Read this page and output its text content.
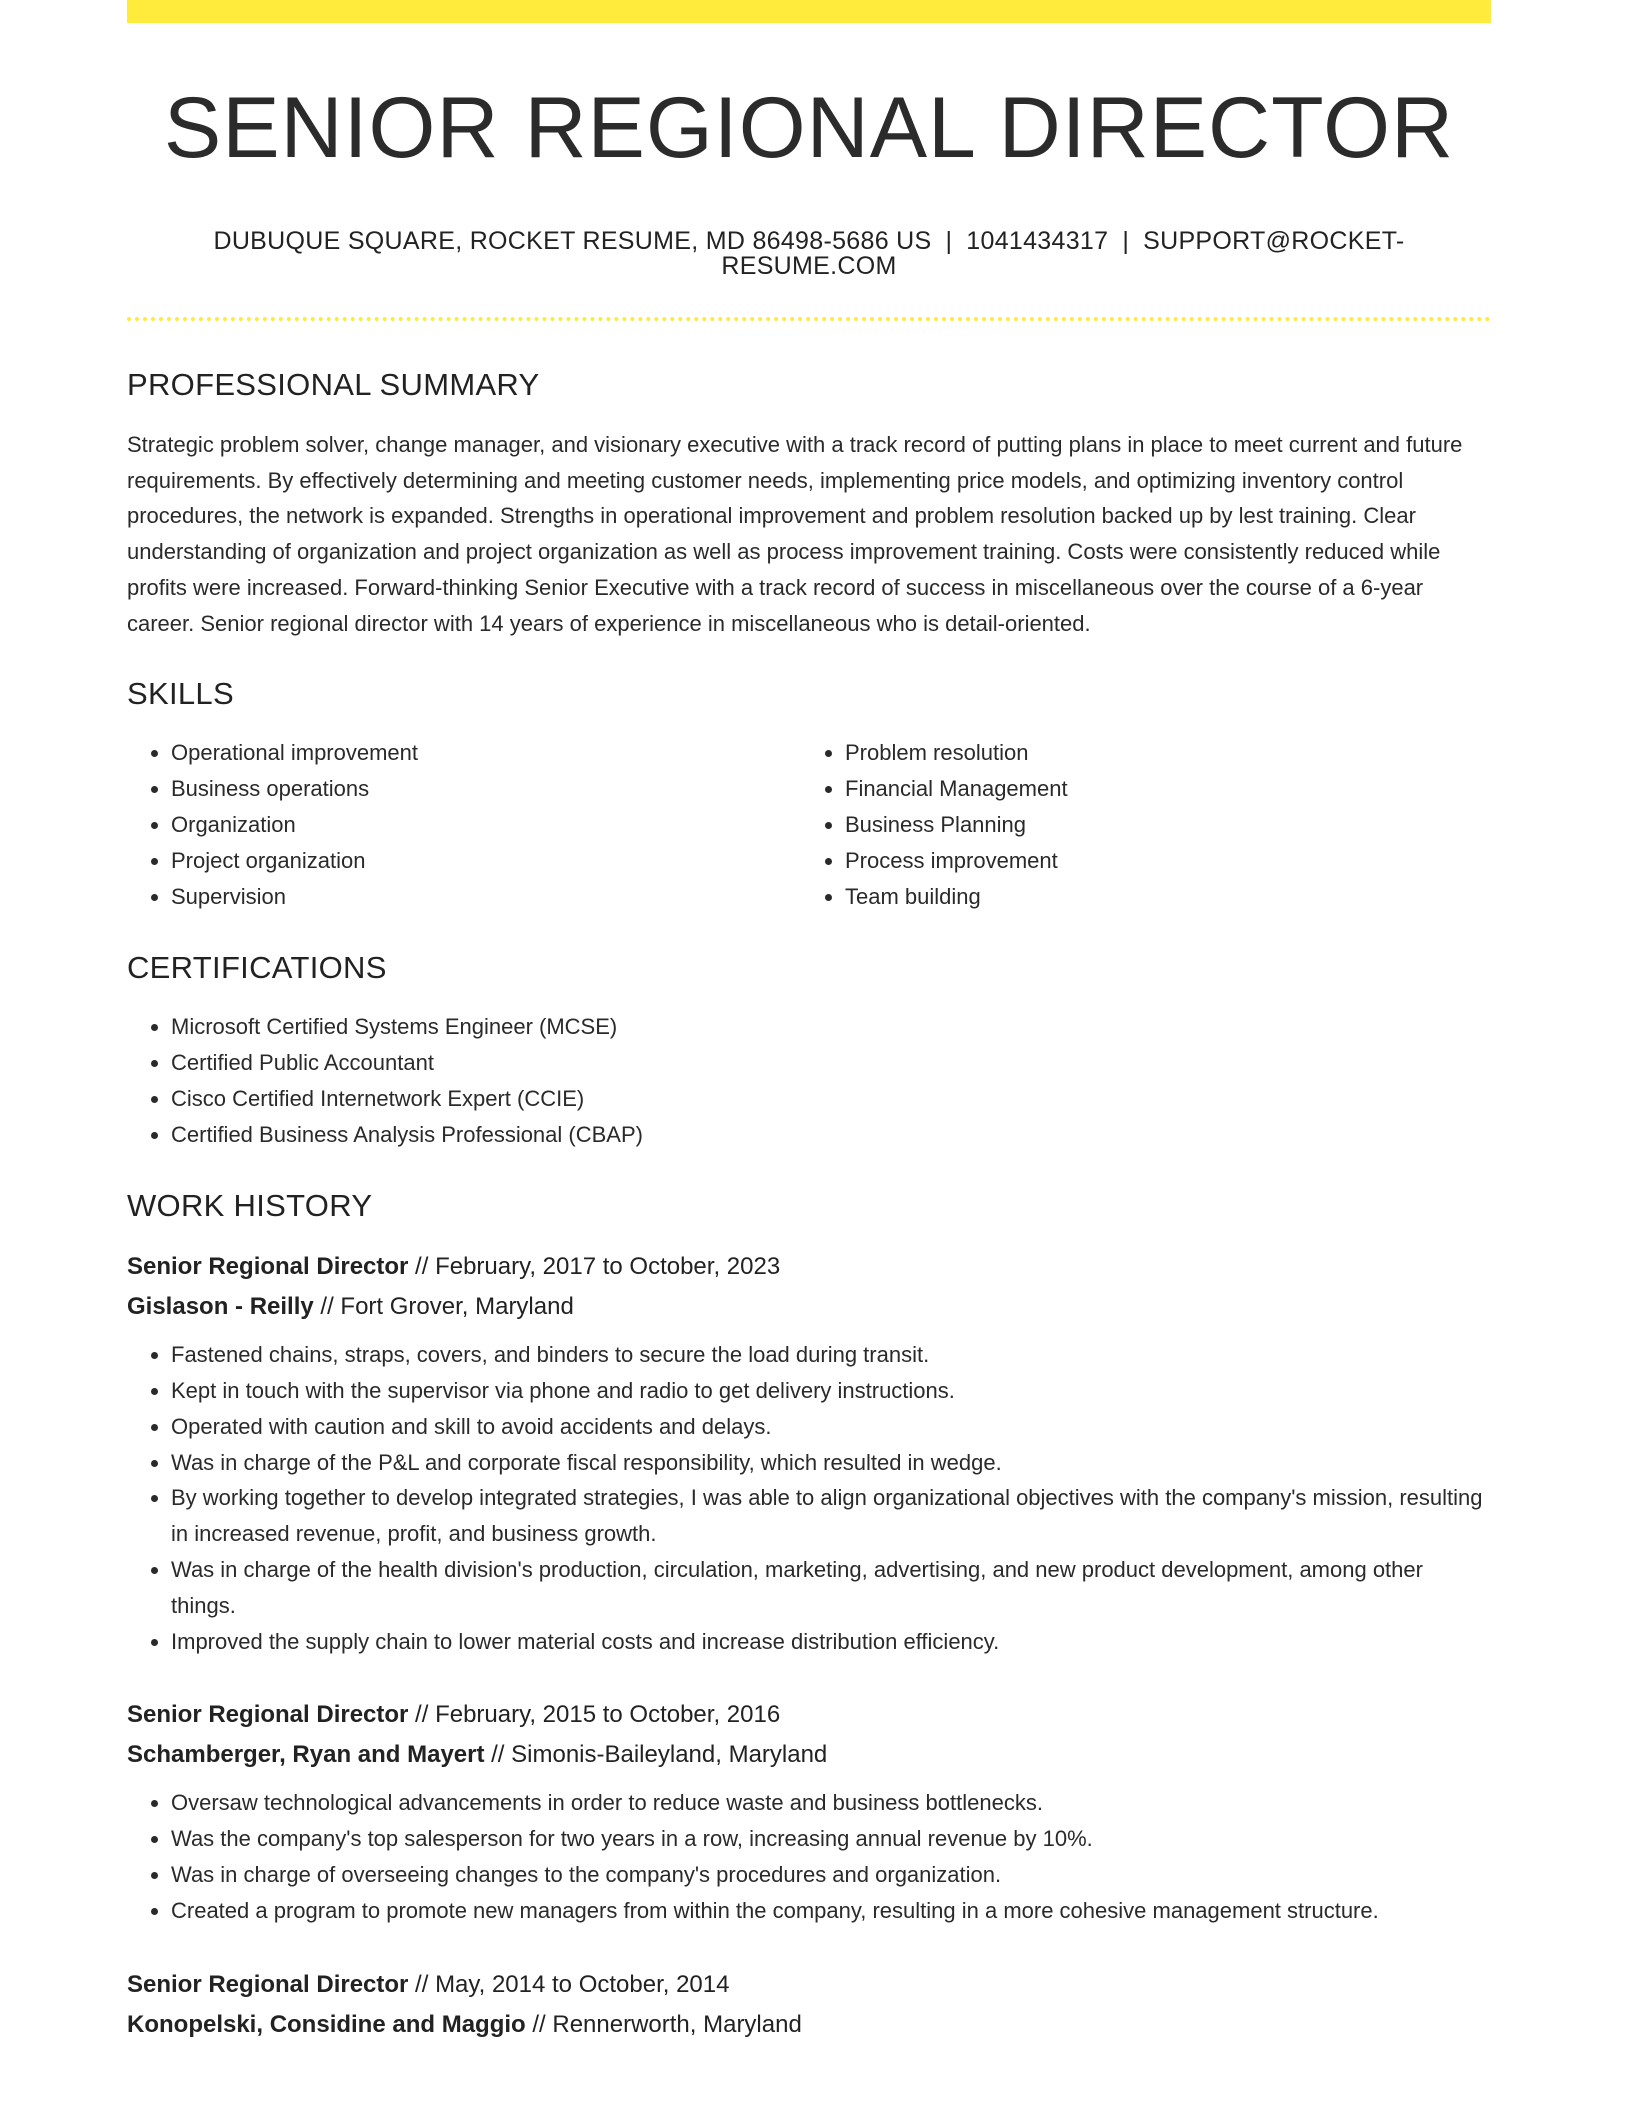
SENIOR REGIONAL DIRECTOR
DUBUQUE SQUARE, ROCKET RESUME, MD 86498-5686 US | 1041434317 | SUPPORT@ROCKET-RESUME.COM
PROFESSIONAL SUMMARY
Strategic problem solver, change manager, and visionary executive with a track record of putting plans in place to meet current and future requirements. By effectively determining and meeting customer needs, implementing price models, and optimizing inventory control procedures, the network is expanded. Strengths in operational improvement and problem resolution backed up by lest training. Clear understanding of organization and project organization as well as process improvement training. Costs were consistently reduced while profits were increased. Forward-thinking Senior Executive with a track record of success in miscellaneous over the course of a 6-year career. Senior regional director with 14 years of experience in miscellaneous who is detail-oriented.
SKILLS
• Operational improvement
• Business operations
• Organization
• Project organization
• Supervision
• Problem resolution
• Financial Management
• Business Planning
• Process improvement
• Team building
CERTIFICATIONS
• Microsoft Certified Systems Engineer (MCSE)
• Certified Public Accountant
• Cisco Certified Internetwork Expert (CCIE)
• Certified Business Analysis Professional (CBAP)
WORK HISTORY
Senior Regional Director // February, 2017 to October, 2023
Gislason - Reilly // Fort Grover, Maryland
• Fastened chains, straps, covers, and binders to secure the load during transit.
• Kept in touch with the supervisor via phone and radio to get delivery instructions.
• Operated with caution and skill to avoid accidents and delays.
• Was in charge of the P&L and corporate fiscal responsibility, which resulted in wedge.
• By working together to develop integrated strategies, I was able to align organizational objectives with the company's mission, resulting in increased revenue, profit, and business growth.
• Was in charge of the health division's production, circulation, marketing, advertising, and new product development, among other things.
• Improved the supply chain to lower material costs and increase distribution efficiency.
Senior Regional Director // February, 2015 to October, 2016
Schamberger, Ryan and Mayert // Simonis-Baileyland, Maryland
• Oversaw technological advancements in order to reduce waste and business bottlenecks.
• Was the company's top salesperson for two years in a row, increasing annual revenue by 10%.
• Was in charge of overseeing changes to the company's procedures and organization.
• Created a program to promote new managers from within the company, resulting in a more cohesive management structure.
Senior Regional Director // May, 2014 to October, 2014
Konopelski, Considine and Maggio // Rennerworth, Maryland
